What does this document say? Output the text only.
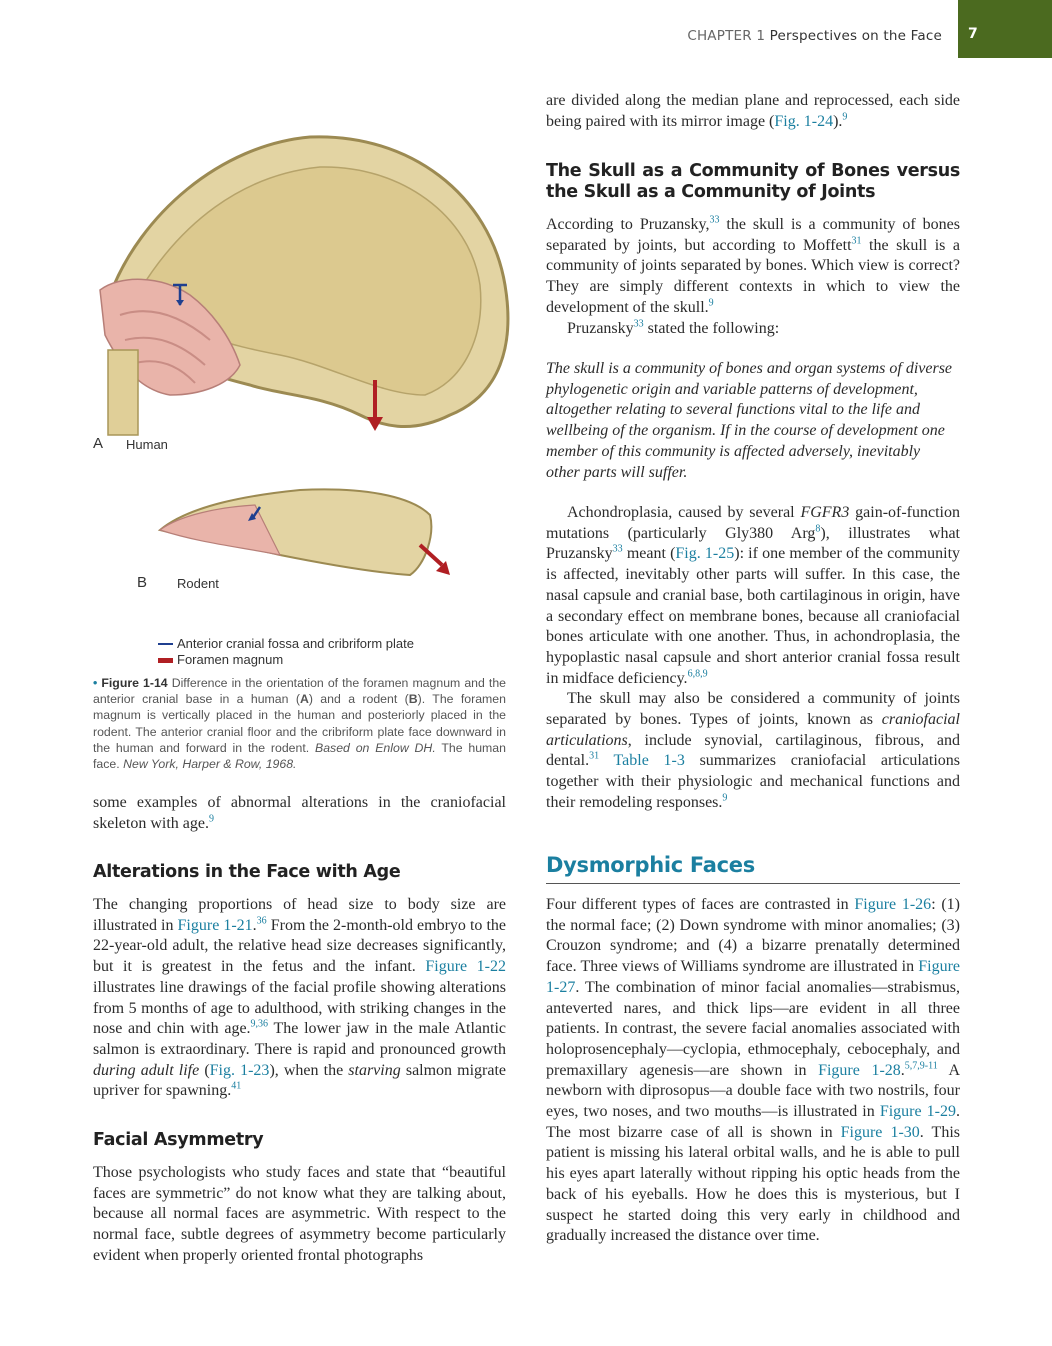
CHAPTER 1 Perspectives on the Face 7
A Human
B Rodent
Anterior cranial fossa and cribriform plate
Foramen magnum
• Figure 1-14 Difference in the orientation of the foramen magnum and the anterior cranial base in a human (A) and a rodent (B). The foramen magnum is vertically placed in the human and posteriorly placed in the rodent. The anterior cranial floor and the cribriform plate face downward in the human and forward in the rodent. Based on Enlow DH. The human face. New York, Harper & Row, 1968.

some examples of abnormal alterations in the craniofacial skeleton with age.$^9$

Alterations in the Face with Age

The changing proportions of head size to body size are illustrated in Figure 1-21.36 From the 2-month-old embryo to the 22-year-old adult, the relative head size decreases significantly, but it is greatest in the fetus and the infant. Figure 1-22 illustrates line drawings of the facial profile showing alterations from 5 months of age to adulthood, with striking changes in the nose and chin with age.$^{9,36}$ The lower jaw in the male Atlantic salmon is extraordinary. There is rapid and pronounced growth during adult life (Fig. 1-23), when the starving salmon migrate upriver for spawning.$^{41}$

Facial Asymmetry

Those psychologists who study faces and state that “beautiful faces are symmetric” do not know what they are talking about, because all normal faces are asymmetric. With respect to the normal face, subtle degrees of asymmetry become particularly evident when properly oriented frontal photographs

are divided along the median plane and reprocessed, each side being paired with its mirror image (Fig. 1-24).$^9$

The Skull as a Community of Bones versus the Skull as a Community of Joints

According to Pruzansky,$^{33}$ the skull is a community of bones separated by joints, but according to Moffett$^{31}$ the skull is a community of joints separated by bones. Which view is correct? They are simply different contexts in which to view the development of the skull.$^9$

Pruzansky$^{33}$ stated the following:

The skull is a community of bones and organ systems of diverse phylogenetic origin and variable patterns of development, altogether relating to several functions vital to the life and wellbeing of the organism. If in the course of development one member of this community is affected adversely, inevitably other parts will suffer.

Achondroplasia, caused by several FGFR3 gain-of-function mutations (particularly Gly380 Arg$^8$), illustrates what Pruzansky$^{33}$ meant (Fig. 1-25): if one member of the community is affected, inevitably other parts will suffer. In this case, the nasal capsule and cranial base, both cartilaginous in origin, have a secondary effect on membrane bones, because all craniofacial bones articulate with one another. Thus, in achondroplasia, the hypoplastic nasal capsule and short anterior cranial fossa result in midface deficiency.$^{6,8,9}$

The skull may also be considered a community of joints separated by bones. Types of joints, known as craniofacial articulations, include synovial, cartilaginous, fibrous, and dental.$^{31}$ Table 1-3 summarizes craniofacial articulations together with their physiologic and mechanical functions and their remodeling responses.$^9$

Dysmorphic Faces

Four different types of faces are contrasted in Figure 1-26: (1) the normal face; (2) Down syndrome with minor anomalies; (3) Crouzon syndrome; and (4) a bizarre prenatally determined face. Three views of Williams syndrome are illustrated in Figure 1-27. The combination of minor facial anomalies—strabismus, anteverted nares, and thick lips—are evident in all three patients. In contrast, the severe facial anomalies associated with holoprosencephaly—cyclopia, ethmocephaly, cebocephaly, and premaxillary agenesis—are shown in Figure 1-28.$^{5,7,9-11}$ A newborn with diprosopus—a double face with two nostrils, four eyes, two noses, and two mouths—is illustrated in Figure 1-29. The most bizarre case of all is shown in Figure 1-30. This patient is missing his lateral orbital walls, and he is able to pull his eyes apart laterally without ripping his optic heads from the back of his eyeballs. How he does this is mysterious, but I suspect he started doing this very early in childhood and gradually increased the distance over time.
